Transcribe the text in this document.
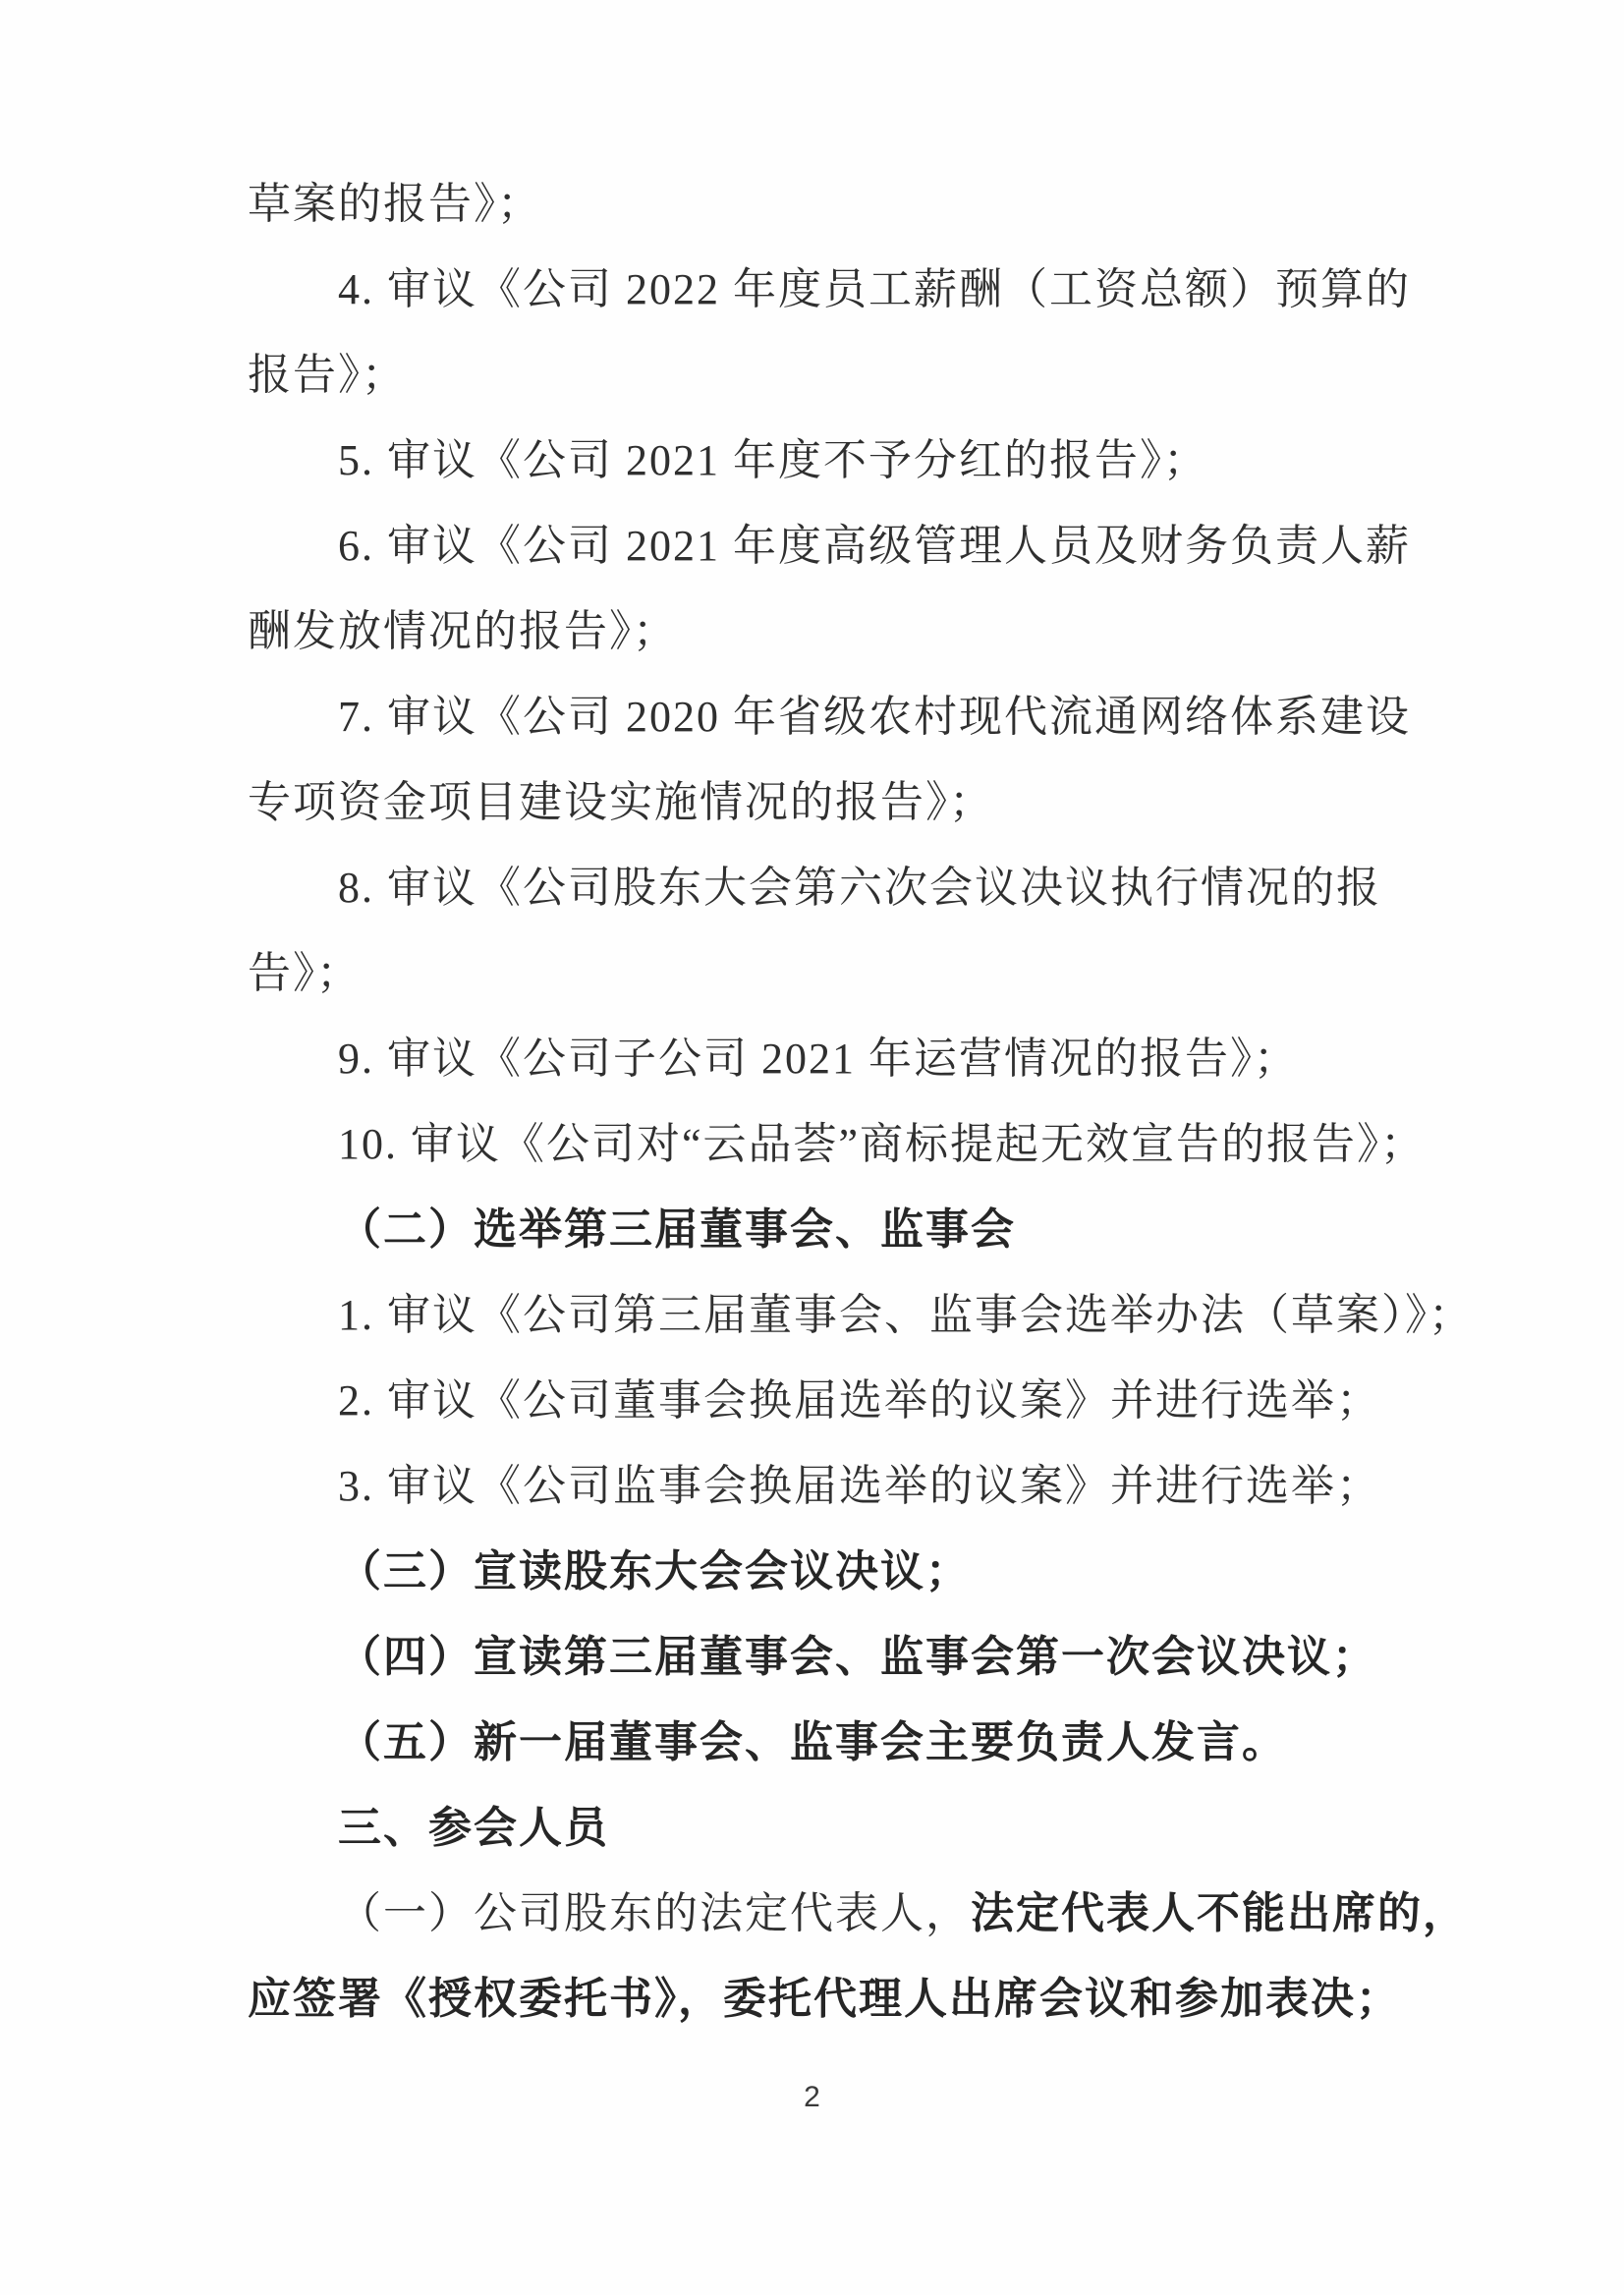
草案的报告》；
4. 审议《公司 2022 年度员工薪酬（工资总额）预算的
报告》；
5. 审议《公司 2021 年度不予分红的报告》；
6. 审议《公司 2021 年度高级管理人员及财务负责人薪
酬发放情况的报告》；
7. 审议《公司 2020 年省级农村现代流通网络体系建设
专项资金项目建设实施情况的报告》；
8. 审议《公司股东大会第六次会议决议执行情况的报
告》；
9. 审议《公司子公司 2021 年运营情况的报告》；
10. 审议《公司对“云品荟”商标提起无效宣告的报告》；
（二）选举第三届董事会、监事会
1. 审议《公司第三届董事会、监事会选举办法（草案）》；
2. 审议《公司董事会换届选举的议案》并进行选举；
3. 审议《公司监事会换届选举的议案》并进行选举；
（三）宣读股东大会会议决议；
（四）宣读第三届董事会、监事会第一次会议决议；
（五）新一届董事会、监事会主要负责人发言。
三、参会人员
（一）公司股东的法定代表人，法定代表人不能出席的，
应签署《授权委托书》，委托代理人出席会议和参加表决；
2
